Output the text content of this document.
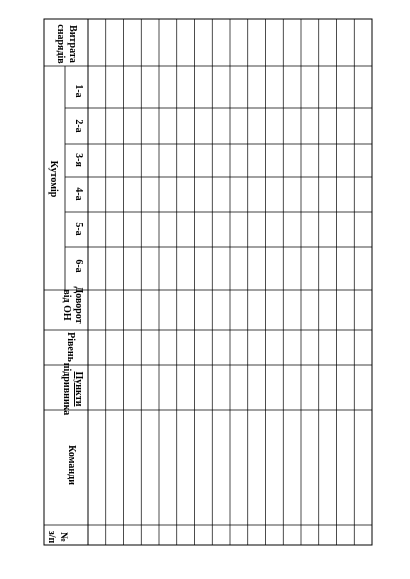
№
з/п
Команди
Пункти
підривника
Рівень
Доворот
від ОН
Кутомір
1-а
2-а
3-я
4-а
5-а
6-а
Витрата
снарядів
